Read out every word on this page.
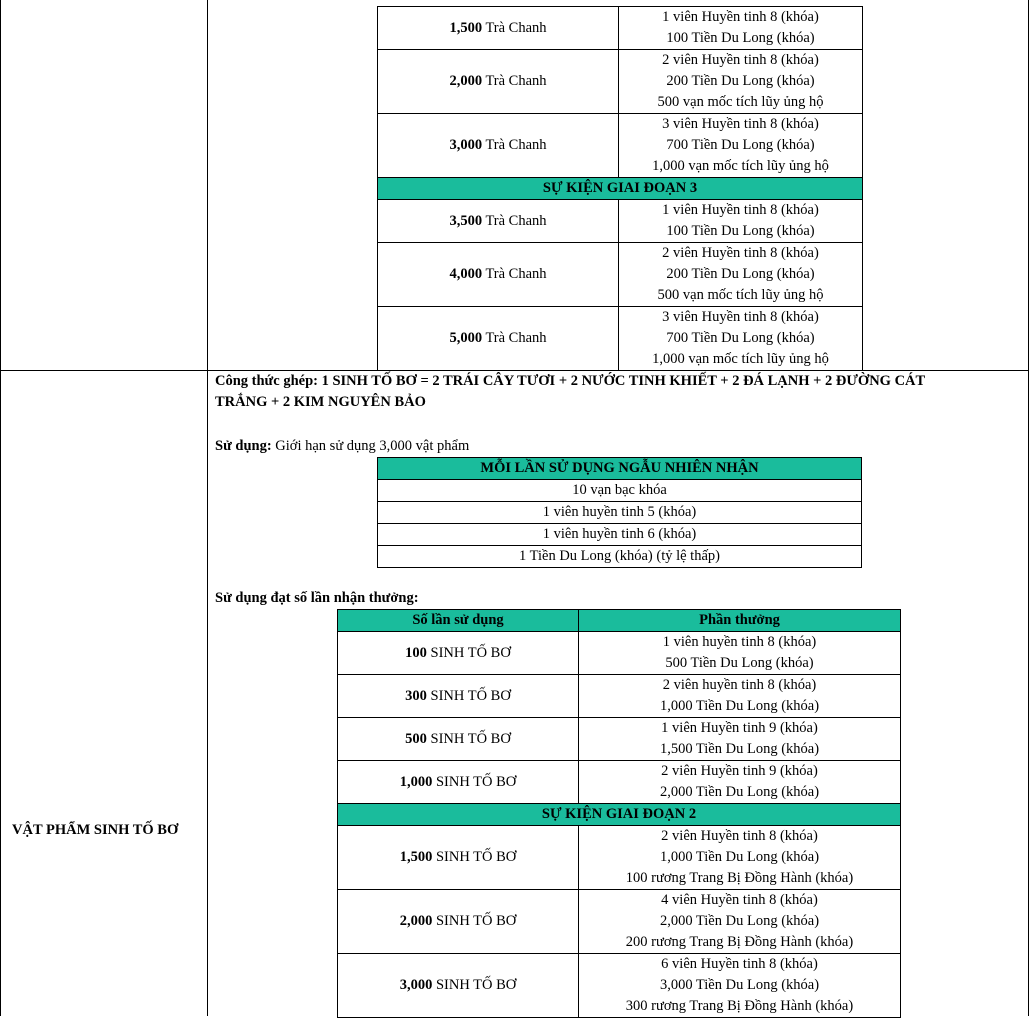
1,500 Trà Chanh	1 viên Huyền tinh 8 (khóa)
100 Tiền Du Long (khóa)

2,000 Trà Chanh	2 viên Huyền tinh 8 (khóa)
200 Tiền Du Long (khóa)
500 vạn mốc tích lũy ủng hộ

3,000 Trà Chanh	3 viên Huyền tinh 8 (khóa)
700 Tiền Du Long (khóa)
1,000 vạn mốc tích lũy ủng hộ

SỰ KIỆN GIAI ĐOẠN 3	
3,500 Trà Chanh	1 viên Huyền tinh 8 (khóa)
100 Tiền Du Long (khóa)

4,000 Trà Chanh	2 viên Huyền tinh 8 (khóa)
200 Tiền Du Long (khóa)
500 vạn mốc tích lũy ủng hộ

5,000 Trà Chanh	3 viên Huyền tinh 8 (khóa)
700 Tiền Du Long (khóa)
1,000 vạn mốc tích lũy ủng hộ
VẬT PHẨM SINH TỐ BƠ
Công thức ghép: 1 SINH TỐ BƠ = 2 TRÁI CÂY TƯƠI + 2 NƯỚC TINH KHIẾT + 2 ĐÁ LẠNH + 2 ĐƯỜNG CÁT
TRẮNG + 2 KIM NGUYÊN BẢO
Sử dụng: Giới hạn sử dụng 3,000 vật phẩm
MỖI LẦN SỬ DỤNG NGẪU NHIÊN NHẬN
10 vạn bạc khóa
1 viên huyền tinh 5 (khóa)
1 viên huyền tinh 6 (khóa)
1 Tiền Du Long (khóa) (tỷ lệ thấp)
Sử dụng đạt số lần nhận thưởng:
Số lần sử dụng	Phần thưởng
100 SINH TỐ BƠ	1 viên huyền tinh 8 (khóa)
500 Tiền Du Long (khóa)

300 SINH TỐ BƠ	2 viên huyền tinh 8 (khóa)
1,000 Tiền Du Long (khóa)

500 SINH TỐ BƠ	1 viên Huyền tinh 9 (khóa)
1,500 Tiền Du Long (khóa)

1,000 SINH TỐ BƠ	2 viên Huyền tinh 9 (khóa)
2,000 Tiền Du Long (khóa)

SỰ KIỆN GIAI ĐOẠN 2	
1,500 SINH TỐ BƠ	2 viên Huyền tinh 8 (khóa)
1,000 Tiền Du Long (khóa)
100 rương Trang Bị Đồng Hành (khóa)

2,000 SINH TỐ BƠ	4 viên Huyền tinh 8 (khóa)
2,000 Tiền Du Long (khóa)
200 rương Trang Bị Đồng Hành (khóa)

3,000 SINH TỐ BƠ	6 viên Huyền tinh 8 (khóa)
3,000 Tiền Du Long (khóa)
300 rương Trang Bị Đồng Hành (khóa)
